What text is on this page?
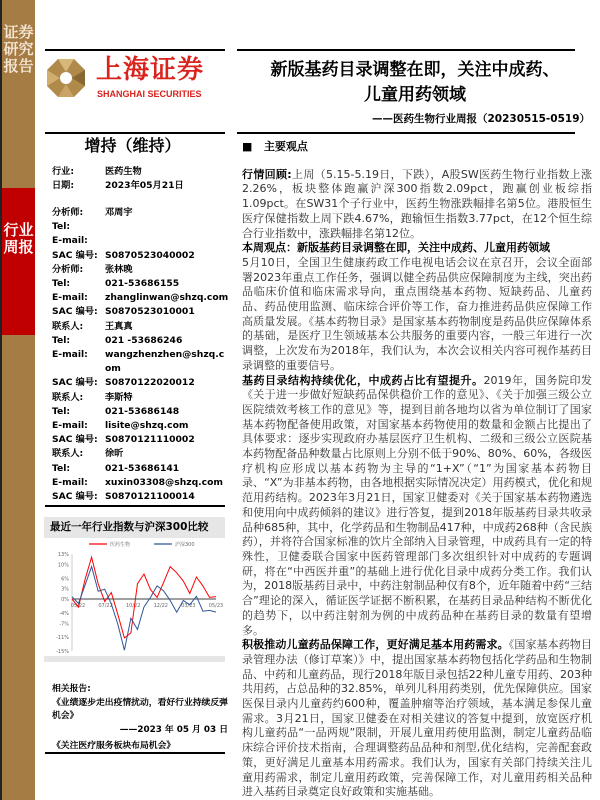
证券研究报告
行业周报
上海证券
SHANGHAI SECURITIES
新版基药目录调整在即，关注中成药、
儿童用药领域
——医药生物行业周报（20230515-0519）
增持（维持）
行业:	医药生物
日期:	2023年05月21日
分析师:	邓周宇
Tel:
E-mail:
SAC 编号: S0870523040002
分析师:	张林晚
Tel:	021-53686155
E-mail:	zhanglinwan@shzq.com
SAC 编号: S0870523010001
联系人:	王真真
Tel:	021 -53686246
E-mail:	wangzhenzhen@shzq.com
SAC 编号: S0870122020012
联系人:	李斯特
Tel:	021-53686148
E-mail:	lisite@shzq.com
SAC 编号: S0870121110002
联系人:	徐昕
Tel:	021-53686141
E-mail:	xuxin03308@shzq.com
SAC 编号: S0870121100014
最近一年行业指数与沪深300比较
13%
10%
6%
3%
0%
-4%
-7%
-11%
-15%
05/22	07/22	10/22	12/22	03/23	05/23
医药生物	沪深300
相关报告:
《业绩逐步走出疫情扰动，看好行业持续反弹机会》
——2023 年 05 月 03 日
《关注医疗服务板块布局机会》
■ 主要观点

行情回顾:上周（5.15-5.19日，下跌），A股SW医药生物行业指数上涨2.26%，板块整体跑赢沪深300指数2.09pct，跑赢创业板综指1.09pct。在SW31个子行业中，医药生物涨跌幅排名第5位。港股恒生医疗保健指数上周下跌4.67%，跑输恒生指数3.77pct，在12个恒生综合行业指数中，涨跌幅排名第12位。

本周观点：新版基药目录调整在即，关注中成药、儿童用药领域

5月10日，全国卫生健康药政工作电视电话会议在京召开，会议全面部署2023年重点工作任务，强调以健全药品供应保障制度为主线，突出药品临床价值和临床需求导向，重点围绕基本药物、短缺药品、儿童药品、药品使用监测、临床综合评价等工作，奋力推进药品供应保障工作高质量发展。《基本药物目录》是国家基本药物制度是药品供应保障体系的基础，是医疗卫生领域基本公共服务的重要内容，一般三年进行一次调整，上次发布为2018年，我们认为，本次会议相关内容可视作基药目录调整的重要信号。

基药目录结构持续优化，中成药占比有望提升。2019年，国务院印发《关于进一步做好短缺药品保供稳价工作的意见》、《关于加强三级公立医院绩效考核工作的意见》等，提到目前各地均以省为单位制订了国家基本药物配备使用政策，对国家基本药物使用的数量和金额占比提出了具体要求：逐步实现政府办基层医疗卫生机构、二级和三级公立医院基本药物配备品种数量占比原则上分别不低于90%、80%、60%，各级医疗机构应形成以基本药物为主导的“1+X”（“1”为国家基本药物目录、“X”为非基本药物，由各地根据实际情况决定）用药模式，优化和规范用药结构。2023年3月21日，国家卫健委对《关于国家基本药物遴选和使用向中成药倾斜的建议》进行答复，提到2018年版基药目录共收录品种685种，其中，化学药品和生物制品417种，中成药268种（含民族药），并将符合国家标准的饮片全部纳入目录管理，中成药具有一定的特殊性，卫健委联合国家中医药管理部门多次组织针对中成药的专题调研，将在“中西医并重”的基础上进行优化目录中成药分类工作。我们认为，2018版基药目录中，中药注射制品种仅有8个，近年随着中药“三结合”理论的深入，循证医学证据不断积累，在基药目录品种结构不断优化的趋势下，以中药注射剂为例的中成药品种在基药目录的数量有望增多。

积极推动儿童药品保障工作，更好满足基本用药需求。《国家基本药物目录管理办法（修订草案）》中，提出国家基本药物包括化学药品和生物制品、中药和儿童药品，现行2018年版目录包括22种儿童专用药、203种共用药，占总品种的32.85%，单列儿科用药类别，优先保障供应。国家医保目录内儿童药约600种，覆盖肿瘤等治疗领域，基本满足参保儿童需求。3月21日，国家卫健委在对相关建议的答复中提到，放宽医疗机构儿童药品“一品两规”限制，开展儿童用药使用监测，制定儿童药品临床综合评价技术指南，合理调整药品品种和剂型,优化结构，完善配套政策，更好满足儿童基本用药需求。我们认为，国家有关部门持续关注儿童用药需求，制定儿童用药政策，完善保障工作，对儿童用药相关品种进入基药目录奠定良好政策和实施基础。
